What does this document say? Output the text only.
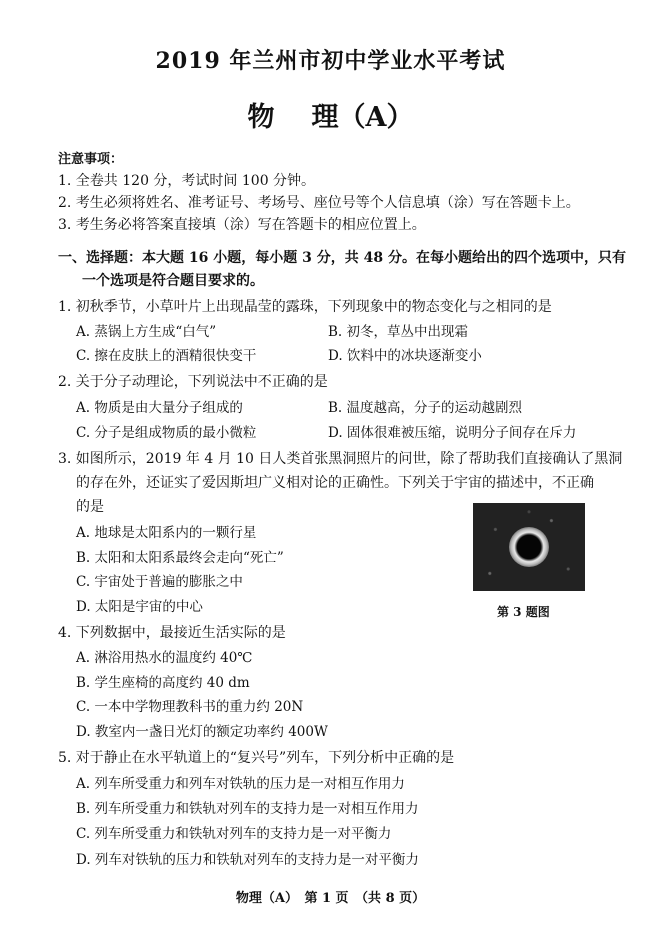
2019 年兰州市初中学业水平考试
物　 理（A）
注意事项：
1. 全卷共 120 分，考试时间 100 分钟。
2. 考生必须将姓名、准考证号、考场号、座位号等个人信息填（涂）写在答题卡上。
3. 考生务必将答案直接填（涂）写在答题卡的相应位置上。
一、选择题：本大题 16 小题，每小题 3 分，共 48 分。在每小题给出的四个选项中，只有
一个选项是符合题目要求的。
1. 初秋季节，小草叶片上出现晶莹的露珠，下列现象中的物态变化与之相同的是
A. 蒸锅上方生成“白气”	B. 初冬，草丛中出现霜
C. 擦在皮肤上的酒精很快变干	D. 饮料中的冰块逐渐变小
2. 关于分子动理论，下列说法中不正确的是
A. 物质是由大量分子组成的	B. 温度越高，分子的运动越剧烈
C. 分子是组成物质的最小微粒	D. 固体很难被压缩，说明分子间存在斥力
3. 如图所示，2019 年 4 月 10 日人类首张黑洞照片的问世，除了帮助我们直接确认了黑洞
的存在外，还证实了爱因斯坦广义相对论的正确性。下列关于宇宙的描述中，不正确
的是
A. 地球是太阳系内的一颗行星
B. 太阳和太阳系最终会走向“死亡”
C. 宇宙处于普遍的膨胀之中
D. 太阳是宇宙的中心	第 3 题图
4. 下列数据中，最接近生活实际的是
A. 淋浴用热水的温度约 40℃
B. 学生座椅的高度约 40 dm
C. 一本中学物理教科书的重力约 20N
D. 教室内一盏日光灯的额定功率约 400W
5. 对于静止在水平轨道上的“复兴号”列车，下列分析中正确的是
A. 列车所受重力和列车对铁轨的压力是一对相互作用力
B. 列车所受重力和铁轨对列车的支持力是一对相互作用力
C. 列车所受重力和铁轨对列车的支持力是一对平衡力
D. 列车对铁轨的压力和铁轨对列车的支持力是一对平衡力
物理（A）　第 1 页　（共 8 页）
